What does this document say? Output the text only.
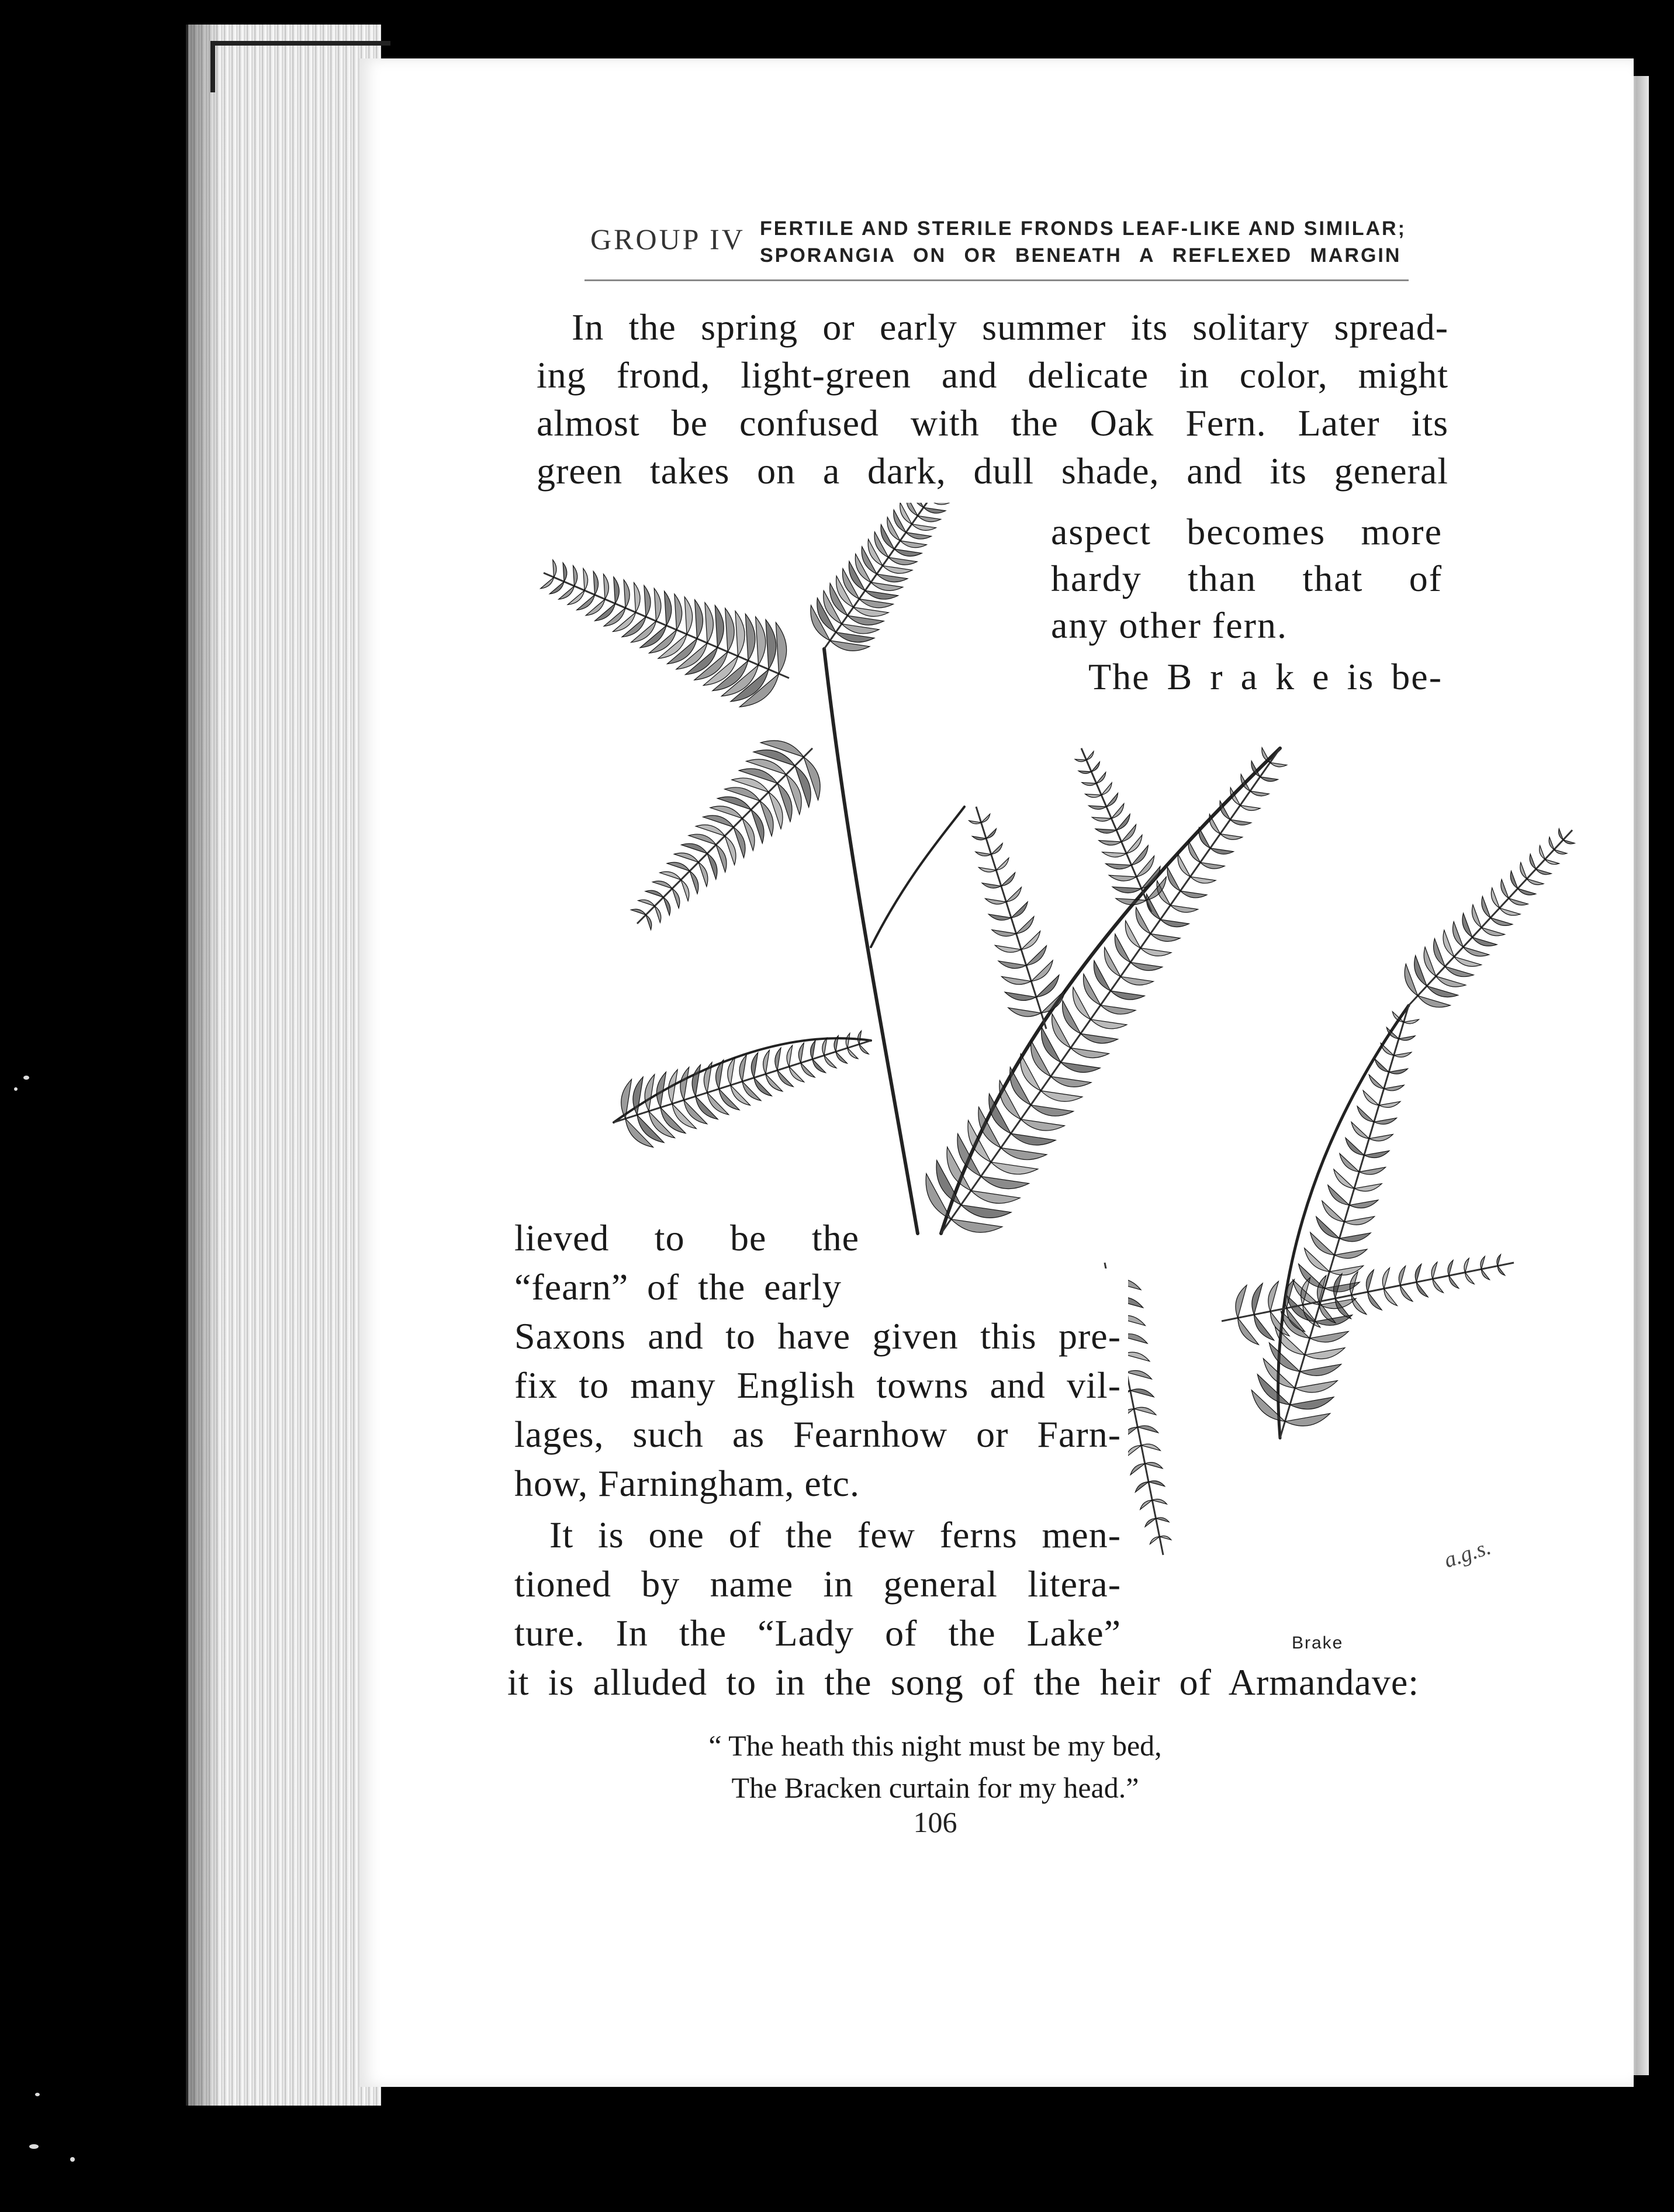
GROUP IV FERTILE AND STERILE FRONDS LEAF-LIKE AND SIMILAR;
SPORANGIA ON OR BENEATH A REFLEXED MARGIN
In the spring or early summer its solitary spread-
ing frond, light-green and delicate in color, might
almost be confused with the Oak Fern. Later its
green takes on a dark, dull shade, and its general
aspect becomes more
hardy than that of
any other fern.
The B r a k e is be-
lieved to be the
“fearn” of the early
Saxons and to have given this pre-
fix to many English towns and vil-
lages, such as Fearnhow or Farn-
how, Farningham, etc.
It is one of the few ferns men-
tioned by name in general litera-
ture. In the “Lady of the Lake”
it is alluded to in the song of the heir of Armandave:
a.g.s.
Brake
“ The heath this night must be my bed,
The Bracken curtain for my head.”
106
